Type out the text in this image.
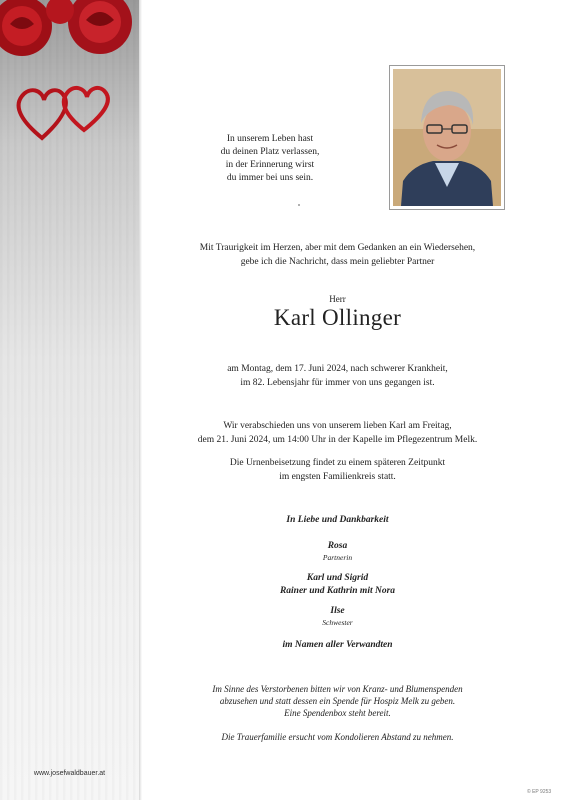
www.josefwaldbauer.at
In unserem Leben hast
du deinen Platz verlassen,
in der Erinnerung wirst
du immer bei uns sein.
Mit Traurigkeit im Herzen, aber mit dem Gedanken an ein Wiedersehen,
gebe ich die Nachricht, dass mein geliebter Partner
Herr
Karl Ollinger
am Montag, dem 17. Juni 2024, nach schwerer Krankheit,
im 82. Lebensjahr für immer von uns gegangen ist.
Wir verabschieden uns von unserem lieben Karl am Freitag,
dem 21. Juni 2024, um 14:00 Uhr in der Kapelle im Pflegezentrum Melk.
Die Urnenbeisetzung findet zu einem späteren Zeitpunkt
im engsten Familienkreis statt.
In Liebe und Dankbarkeit
Rosa
Partnerin
Karl und Sigrid
Rainer und Kathrin mit Nora
Ilse
Schwester
im Namen aller Verwandten
Im Sinne des Verstorbenen bitten wir von Kranz- und Blumenspenden
abzusehen und statt dessen ein Spende für Hospiz Melk zu geben.
Eine Spendenbox steht bereit.
Die Trauerfamilie ersucht vom Kondolieren Abstand zu nehmen.
© EP 9253
